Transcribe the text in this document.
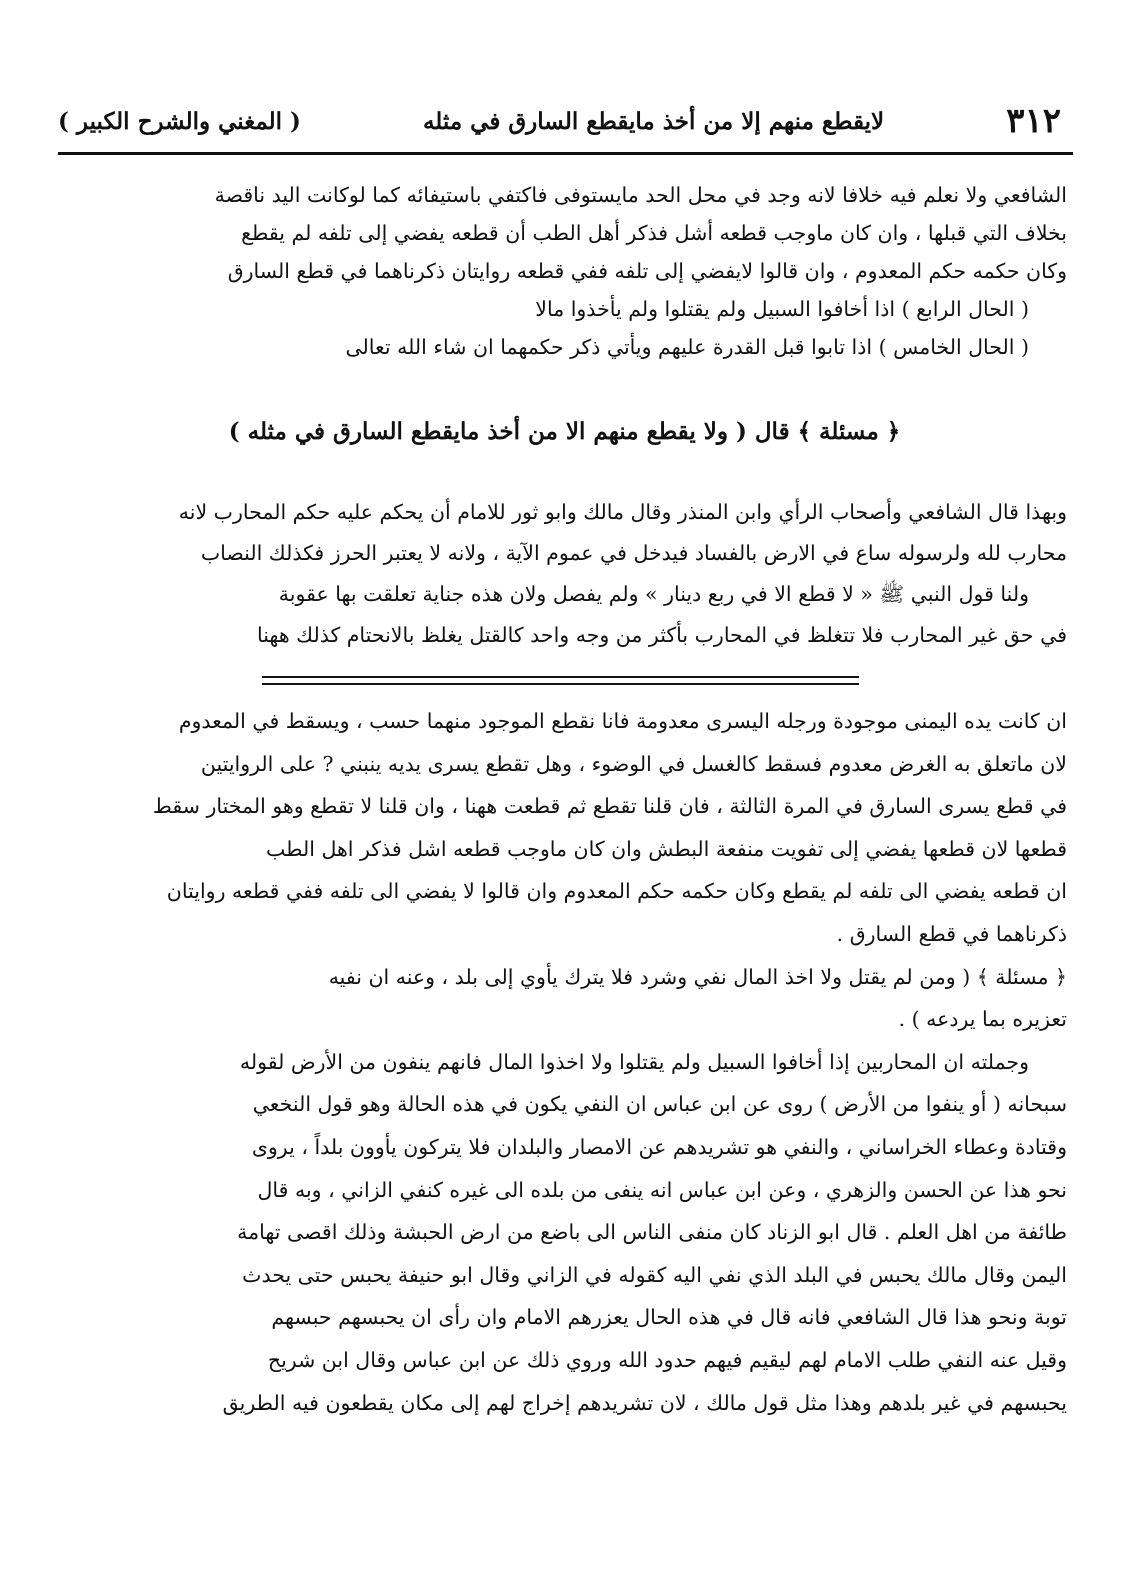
٣١٢
لايقطع منهم إلا من أخذ مايقطع السارق في مثله
( المغني والشرح الكبير )
الشافعي ولا نعلم فيه خلافا لانه وجد في محل الحد مايستوفى فاكتفي باستيفائه كما لوكانت اليد ناقصة
بخلاف التي قبلها ، وان كان ماوجب قطعه أشل فذكر أهل الطب أن قطعه يفضي إلى تلفه لم يقطع
وكان حكمه حكم المعدوم ، وان قالوا لايفضي إلى تلفه ففي قطعه روايتان ذكرناهما في قطع السارق
( الحال الرابع ) اذا أخافوا السبيل ولم يقتلوا ولم يأخذوا مالا
( الحال الخامس ) اذا تابوا قبل القدرة عليهم ويأتي ذكر حكمهما ان شاء الله تعالى
﴿ مسئلة ﴾ قال ( ولا يقطع منهم الا من أخذ مايقطع السارق في مثله )
وبهذا قال الشافعي وأصحاب الرأي وابن المنذر وقال مالك وابو ثور للامام أن يحكم عليه حكم المحارب لانه
محارب لله ولرسوله ساع في الارض بالفساد فيدخل في عموم الآية ، ولانه لا يعتبر الحرز فكذلك النصاب
ولنا قول النبي ﷺ « لا قطع الا في ربع دينار » ولم يفصل ولان هذه جناية تعلقت بها عقوبة
في حق غير المحارب فلا تتغلظ في المحارب بأكثر من وجه واحد كالقتل يغلظ بالانحتام كذلك ههنا
ان كانت يده اليمنى موجودة ورجله اليسرى معدومة فانا نقطع الموجود منهما حسب ، ويسقط في المعدوم
لان ماتعلق به الغرض معدوم فسقط كالغسل في الوضوء ، وهل تقطع يسرى يديه ينبني ? على الروايتين
في قطع يسرى السارق في المرة الثالثة ، فان قلنا تقطع ثم قطعت ههنا ، وان قلنا لا تقطع وهو المختار سقط
قطعها لان قطعها يفضي إلى تفويت منفعة البطش وان كان ماوجب قطعه اشل فذكر اهل الطب
ان قطعه يفضي الى تلفه لم يقطع وكان حكمه حكم المعدوم وان قالوا لا يفضي الى تلفه ففي قطعه روايتان
ذكرناهما في قطع السارق .
﴿ مسئلة ﴾ ( ومن لم يقتل ولا اخذ المال نفي وشرد فلا يترك يأوي إلى بلد ، وعنه ان نفيه
تعزيره بما يردعه ) .
وجملته ان المحاربين إذا أخافوا السبيل ولم يقتلوا ولا اخذوا المال فانهم ينفون من الأرض لقوله
سبحانه ( أو ينفوا من الأرض ) روى عن ابن عباس ان النفي يكون في هذه الحالة وهو قول النخعي
وقتادة وعطاء الخراساني ، والنفي هو تشريدهم عن الامصار والبلدان فلا يتركون يأوون بلداً ، يروى
نحو هذا عن الحسن والزهري ، وعن ابن عباس انه ينفى من بلده الى غيره كنفي الزاني ، وبه قال
طائفة من اهل العلم . قال ابو الزناد كان منفى الناس الى باضع من ارض الحبشة وذلك اقصى تهامة
اليمن وقال مالك يحبس في البلد الذي نفي اليه كقوله في الزاني وقال ابو حنيفة يحبس حتى يحدث
توبة ونحو هذا قال الشافعي فانه قال في هذه الحال يعزرهم الامام وان رأى ان يحبسهم حبسهم
وقيل عنه النفي طلب الامام لهم ليقيم فيهم حدود الله وروي ذلك عن ابن عباس وقال ابن شريح
يحبسهم في غير بلدهم وهذا مثل قول مالك ، لان تشريدهم إخراج لهم إلى مكان يقطعون فيه الطريق
